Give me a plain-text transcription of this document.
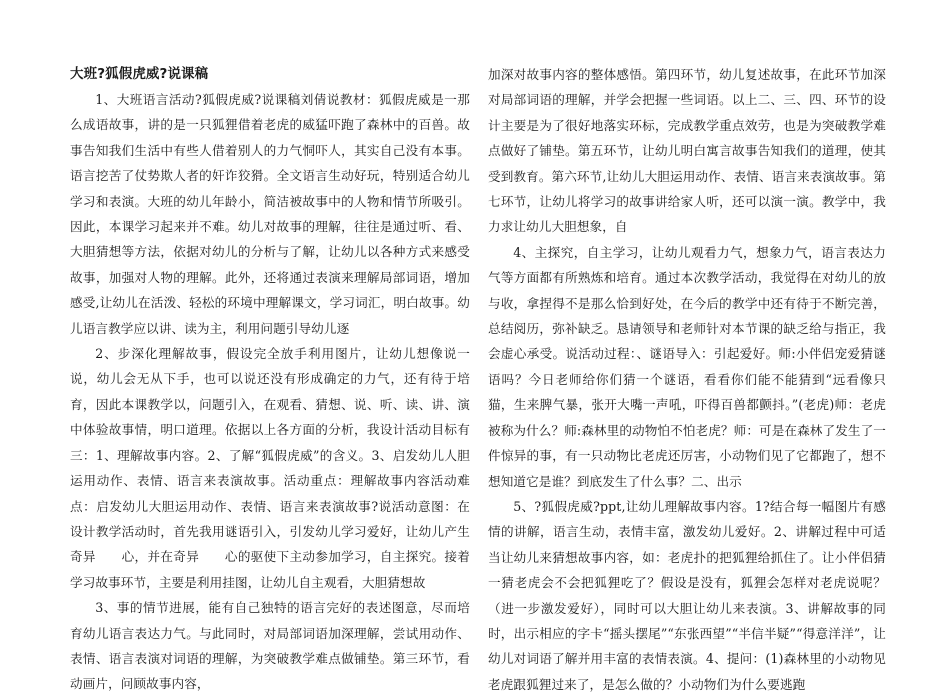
大班?狐假虎威?说课稿

1、大班语言活动?狐假虎威?说课稿刘倩说教材：狐假虎威是一那么成语故事，讲的是一只狐狸借着老虎的威猛吓跑了森林中的百兽。故事告知我们生活中有些人借着别人的力气恫吓人，其实自己没有本事。语言挖苦了仗势欺人者的奸诈狡猾。全文语言生动好玩，特别适合幼儿学习和表演。大班的幼儿年龄小，简洁被故事中的人物和情节所吸引。因此，本课学习起来并不难。幼儿对故事的理解，往往是通过听、看、大胆猜想等方法，依据对幼儿的分析与了解，让幼儿以各种方式来感受故事，加强对人物的理解。此外，还将通过表演来理解局部词语，增加感受,让幼儿在活泼、轻松的环境中理解课文，学习词汇，明白故事。幼儿语言教学应以讲、读为主，利用问题引导幼儿逐

2、步深化理解故事，假设完全放手利用图片，让幼儿想像说一说，幼儿会无从下手，也可以说还没有形成确定的力气，还有待于培育，因此本课教学以，问题引入，在观看、猜想、说、听、读、讲、演中体验故事情，明口道理。依据以上各方面的分析，我设计活动目标有三：1、理解故事内容。2、了解“狐假虎威”的含义。3、启发幼儿人胆运用动作、表情、语言来表演故事。活动重点：理解故事内容活动难点：启发幼儿大胆运用动作、表情、语言来表演故事?说活动意图：在设计教学活动时，首先我用谜语引入，引发幼儿学习爱好，让幼儿产生奇异　　心，并在奇异　　心的驱使下主动参加学习，自主探究。接着学习故事环节，主要是利用挂图，让幼儿自主观看，大胆猜想故

3、事的情节进展，能有自己独特的语言完好的表述图意，尽而培育幼儿语言表达力气。与此同时，对局部词语加深理解，尝试用动作、表情、语言表演对词语的理解，为突破教学难点做铺垫。第三环节，看动画片，问顾故事内容，

加深对故事内容的整体感悟。第四环节，幼儿复述故事，在此环节加深对局部词语的理解，并学会把握一些词语。以上二、三、四、环节的设计主要是为了很好地落实环标，完成教学重点效劳，也是为突破教学难点做好了铺垫。第五环节，让幼儿明白寓言故事告知我们的道理，使其受到教育。第六环节,让幼儿大胆运用动作、表情、语言来表演故事。第七环节，让幼儿将学习的故事讲给家人听，还可以演一演。教学中，我力求让幼儿大胆想象，自

4、主探究，自主学习，让幼儿观看力气，想象力气，语言表达力气等方面都有所熟炼和培育。通过本次教学活动，我觉得在对幼儿的放与收，拿捏得不是那么恰到好处，在今后的教学中还有待于不断完善，总结阅历，弥补缺乏。恳请领导和老师针对本节课的缺乏给与指正，我会虚心承受。说活动过程：、谜语导入：引起爱好。师:小伴侣宠爱猜谜语吗？今日老师给你们猜一个谜语，看看你们能不能猜到“远看像只猫，生来脾气暴，张开大嘴一声吼，吓得百兽都颤抖。”(老虎)师：老虎被称为什么？师:森林里的动物怕不怕老虎？师：可是在森林了发生了一件惊异的事，有一只动物比老虎还厉害，小动物们见了它都跑了，想不想知道它是谁？到底发生了什么事？二、出示

5、?狐假虎威?ppt,让幼儿理解故事内容。1?结合每一幅图片有感情的讲解，语言生动，表情丰富，激发幼儿爱好。2、讲解过程中可适当让幼儿来猜想故事内容，如：老虎扑的把狐狸给抓住了。让小伴侣猜一猜老虎会不会把狐狸吃了？假设是没有，狐狸会怎样对老虎说呢？（进一步激发爱好），同时可以大胆让幼儿来表演。3、讲解故事的同时，出示相应的字卡“摇头摆尾”“东张西望”“半信半疑”“得意洋洋”，让幼儿对词语了解并用丰富的表情表演。4、提问：(1)森林里的小动物见老虎跟狐狸过来了，是怎么做的？小动物们为什么要逃跑
